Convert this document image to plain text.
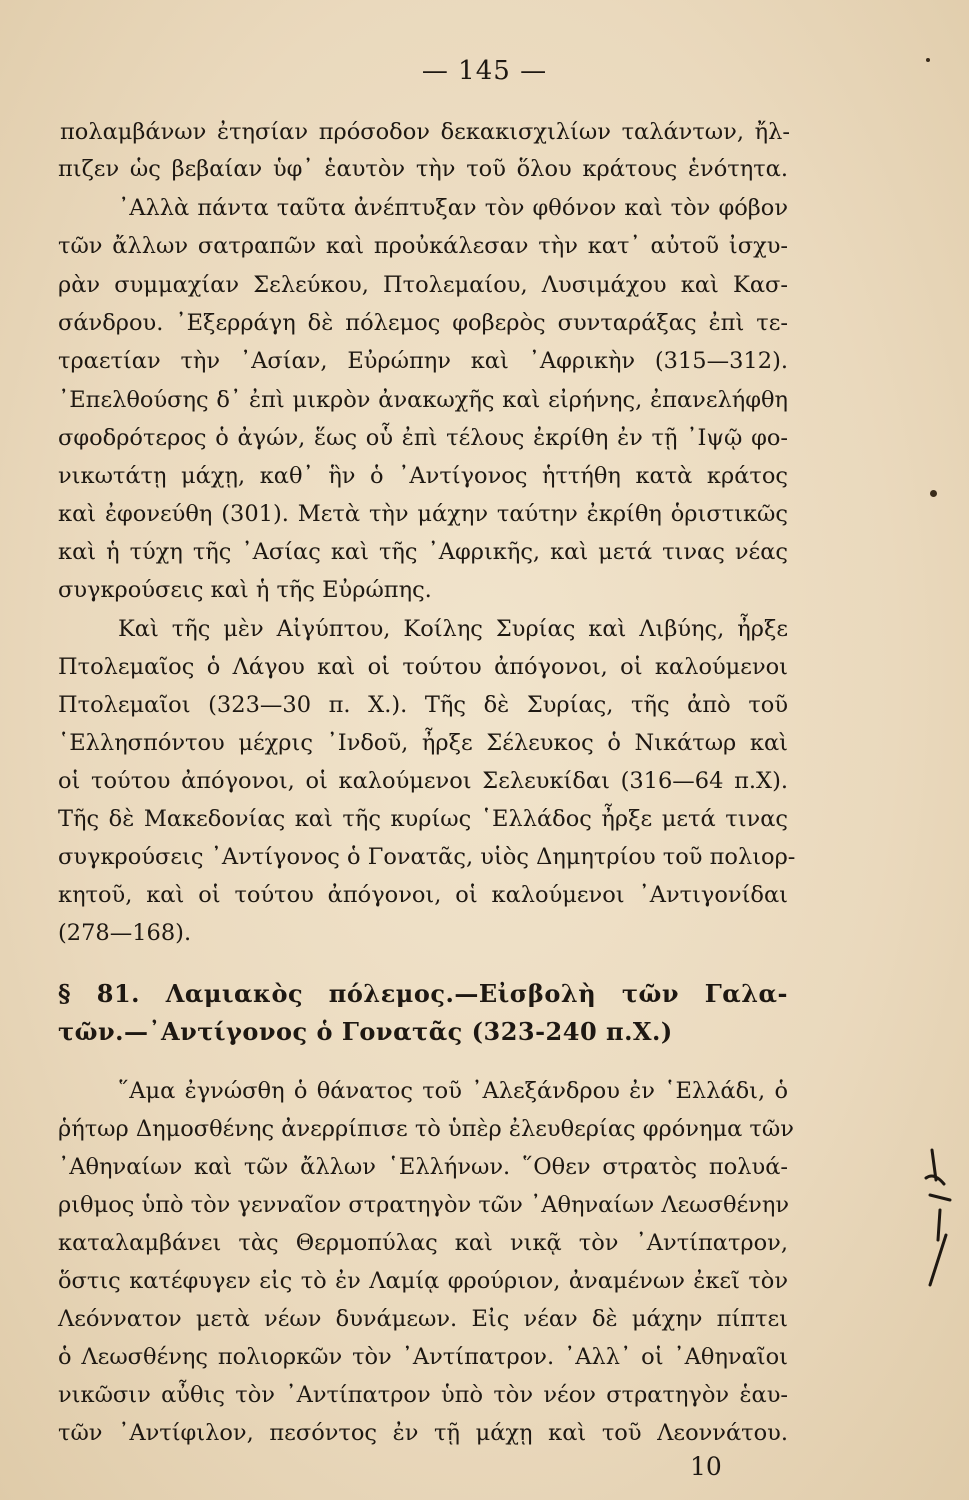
— 145 —
πολαμβάνων ἐτησίαν πρόσοδον δεκακισχιλίων ταλάντων, ἤλ-
πιζεν ὡς βεβαίαν ὑφ᾽ ἑαυτὸν τὴν τοῦ ὅλου κράτους ἑνότητα.
᾽Αλλὰ πάντα ταῦτα ἀνέπτυξαν τὸν φθόνον καὶ τὸν φόβον
τῶν ἄλλων σατραπῶν καὶ προὐκάλεσαν τὴν κατ᾽ αὐτοῦ ἰσχυ-
ρὰν συμμαχίαν Σελεύκου, Πτολεμαίου, Λυσιμάχου καὶ Κασ-
σάνδρου. ᾽Εξερράγη δὲ πόλεμος φοβερὸς συνταράξας ἐπὶ τε-
τραετίαν τὴν ᾽Ασίαν, Εὐρώπην καὶ ᾽Αφρικὴν (315—312).
᾽Επελθούσης δ᾽ ἐπὶ μικρὸν ἀνακωχῆς καὶ εἰρήνης, ἐπανελήφθη
σφοδρότερος ὁ ἀγών, ἕως οὗ ἐπὶ τέλους ἐκρίθη ἐν τῇ ᾽Ιψῷ φο-
νικωτάτῃ μάχῃ, καθ᾽ ἣν ὁ ᾽Αντίγονος ἡττήθη κατὰ κράτος
καὶ ἐφονεύθη (301). Μετὰ τὴν μάχην ταύτην ἐκρίθη ὁριστικῶς
καὶ ἡ τύχη τῆς ᾽Ασίας καὶ τῆς ᾽Αφρικῆς, καὶ μετά τινας νέας
συγκρούσεις καὶ ἡ τῆς Εὐρώπης.
Καὶ τῆς μὲν Αἰγύπτου, Κοίλης Συρίας καὶ Λιβύης, ἦρξε
Πτολεμαῖος ὁ Λάγου καὶ οἱ τούτου ἀπόγονοι, οἱ καλούμενοι
Πτολεμαῖοι (323—30 π. Χ.). Τῆς δὲ Συρίας, τῆς ἀπὸ τοῦ
῾Ελλησπόντου μέχρις ᾽Ινδοῦ, ἦρξε Σέλευκος ὁ Νικάτωρ καὶ
οἱ τούτου ἀπόγονοι, οἱ καλούμενοι Σελευκίδαι (316—64 π.Χ).
Τῆς δὲ Μακεδονίας καὶ τῆς κυρίως ῾Ελλάδος ἦρξε μετά τινας
συγκρούσεις ᾽Αντίγονος ὁ Γονατᾶς, υἱὸς Δημητρίου τοῦ πολιορ-
κητοῦ, καὶ οἱ τούτου ἀπόγονοι, οἱ καλούμενοι ᾽Αντιγονίδαι
(278—168).
§ 81. Λαμιακὸς πόλεμος.—Εἰσβολὴ τῶν Γαλα-
τῶν.—᾽Αντίγονος ὁ Γονατᾶς (323-240 π.Χ.)
῞Αμα ἐγνώσθη ὁ θάνατος τοῦ ᾽Αλεξάνδρου ἐν ῾Ελλάδι, ὁ
ῥήτωρ Δημοσθένης ἀνερρίπισε τὸ ὑπὲρ ἐλευθερίας φρόνημα τῶν
᾽Αθηναίων καὶ τῶν ἄλλων ῾Ελλήνων. ῞Οθεν στρατὸς πολυά-
ριθμος ὑπὸ τὸν γενναῖον στρατηγὸν τῶν ᾽Αθηναίων Λεωσθένην
καταλαμβάνει τὰς Θερμοπύλας καὶ νικᾷ τὸν ᾽Αντίπατρον,
ὅστις κατέφυγεν εἰς τὸ ἐν Λαμίᾳ φρούριον, ἀναμένων ἐκεῖ τὸν
Λεόννατον μετὰ νέων δυνάμεων. Εἰς νέαν δὲ μάχην πίπτει
ὁ Λεωσθένης πολιορκῶν τὸν ᾽Αντίπατρον. ᾽Αλλ᾽ οἱ ᾽Αθηναῖοι
νικῶσιν αὖθις τὸν ᾽Αντίπατρον ὑπὸ τὸν νέον στρατηγὸν ἑαυ-
τῶν ᾽Αντίφιλον, πεσόντος ἐν τῇ μάχῃ καὶ τοῦ Λεοννάτου.
10
